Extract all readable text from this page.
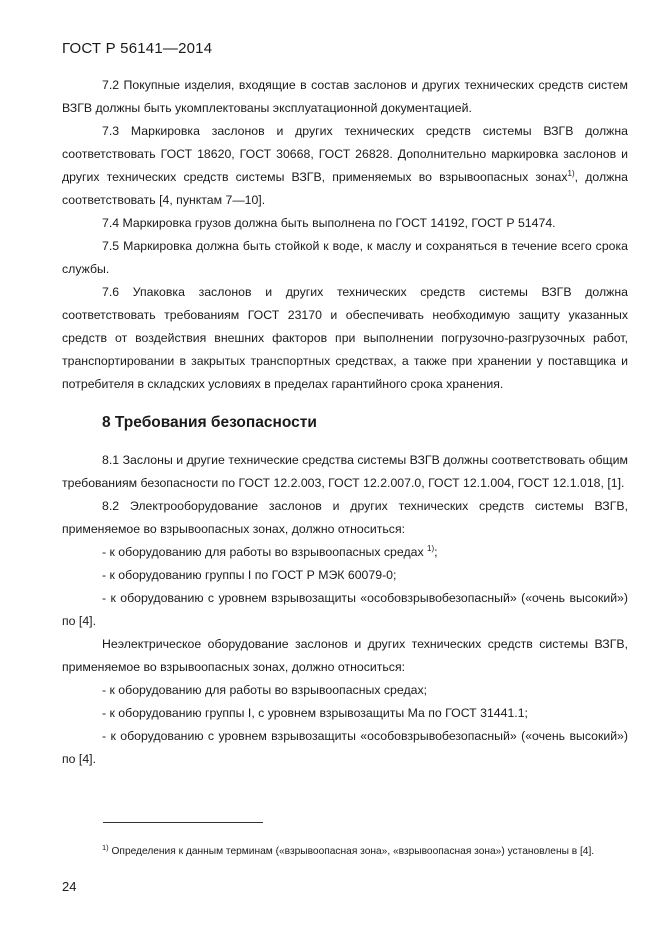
ГОСТ Р 56141—2014

7.2 Покупные изделия, входящие в состав заслонов и других технических средств систем ВЗГВ должны быть укомплектованы эксплуатационной документацией.

7.3 Маркировка заслонов и других технических средств системы ВЗГВ должна соответствовать ГОСТ 18620, ГОСТ 30668, ГОСТ 26828. Дополнительно маркировка заслонов и других технических средств системы ВЗГВ, применяемых во взрывоопасных зонах$^{1)}$, должна соответствовать [4, пунктам 7—10].

7.4 Маркировка грузов должна быть выполнена по ГОСТ 14192, ГОСТ Р 51474.

7.5 Маркировка должна быть стойкой к воде, к маслу и сохраняться в течение всего срока службы.

7.6 Упаковка заслонов и других технических средств системы ВЗГВ должна соответствовать требованиям ГОСТ 23170 и обеспечивать необходимую защиту указанных средств от воздействия внешних факторов при выполнении погрузочно-разгрузочных работ, транспортировании в закрытых транспортных средствах, а также при хранении у поставщика и потребителя в складских условиях в пределах гарантийного срока хранения.

8 Требования безопасности

8.1 Заслоны и другие технические средства системы ВЗГВ должны соответствовать общим требованиям безопасности по ГОСТ 12.2.003, ГОСТ 12.2.007.0, ГОСТ 12.1.004, ГОСТ 12.1.018, [1].

8.2 Электрооборудование заслонов и других технических средств системы ВЗГВ, применяемое во взрывоопасных зонах, должно относиться:

- к оборудованию для работы во взрывоопасных средах $^{1)}$;

- к оборудованию группы I по ГОСТ Р МЭК 60079-0;

- к оборудованию с уровнем взрывозащиты «особовзрывобезопасный» («очень высокий») по [4].

Неэлектрическое оборудование заслонов и других технических средств системы ВЗГВ, применяемое во взрывоопасных зонах, должно относиться:

- к оборудованию для работы во взрывоопасных средах;

- к оборудованию группы I, с уровнем взрывозащиты Ма по ГОСТ 31441.1;

- к оборудованию с уровнем взрывозащиты «особовзрывобезопасный» («очень высокий») по [4].

$^{1)}$ Определения к данным терминам («взрывоопасная зона», «взрывоопасная зона») установлены в [4].
24
